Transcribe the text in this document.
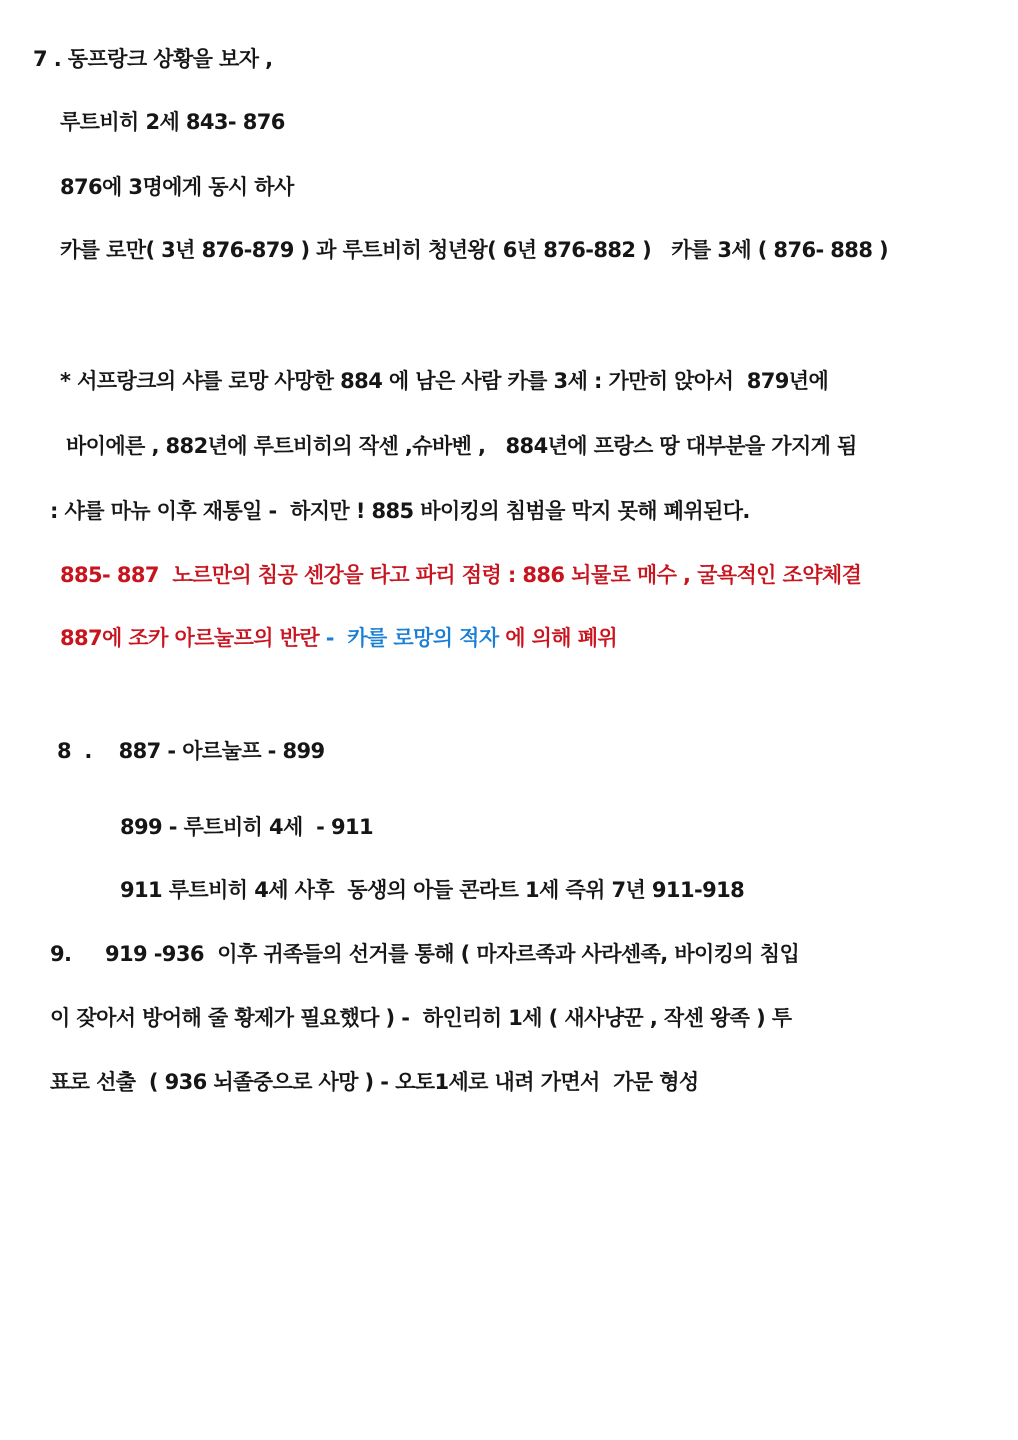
7 . 동프랑크 상황을 보자 ,
루트비히 2세 843- 876
876에 3명에게 동시 하사
카를 로만( 3년 876-879 ) 과 루트비히 청년왕( 6년 876-882 )   카를 3세 ( 876- 888 )
* 서프랑크의 샤를 로망 사망한 884 에 남은 사람 카를 3세 : 가만히 앉아서  879년에
바이에른 , 882년에 루트비히의 작센 ,슈바벤 ,   884년에 프랑스 땅 대부분을 가지게 됨
: 샤를 마뉴 이후 재통일 -  하지만 ! 885 바이킹의 침범을 막지 못해 폐위된다.
885- 887  노르만의 침공 센강을 타고 파리 점령 : 886 뇌물로 매수 , 굴욕적인 조약체결
887에 조카 아르눌프의 반란 -  카를 로망의 적자 에 의해 폐위
8  .    887 - 아르눌프 - 899
899 - 루트비히 4세  - 911
911 루트비히 4세 사후  동생의 아들 콘라트 1세 즉위 7년 911-918
9.     919 -936  이후 귀족들의 선거를 통해 ( 마자르족과 사라센족, 바이킹의 침입
이 잦아서 방어해 줄 황제가 필요했다 ) -  하인리히 1세 ( 새사냥꾼 , 작센 왕족 ) 투
표로 선출  ( 936 뇌졸중으로 사망 ) - 오토1세로 내려 가면서  가문 형성
